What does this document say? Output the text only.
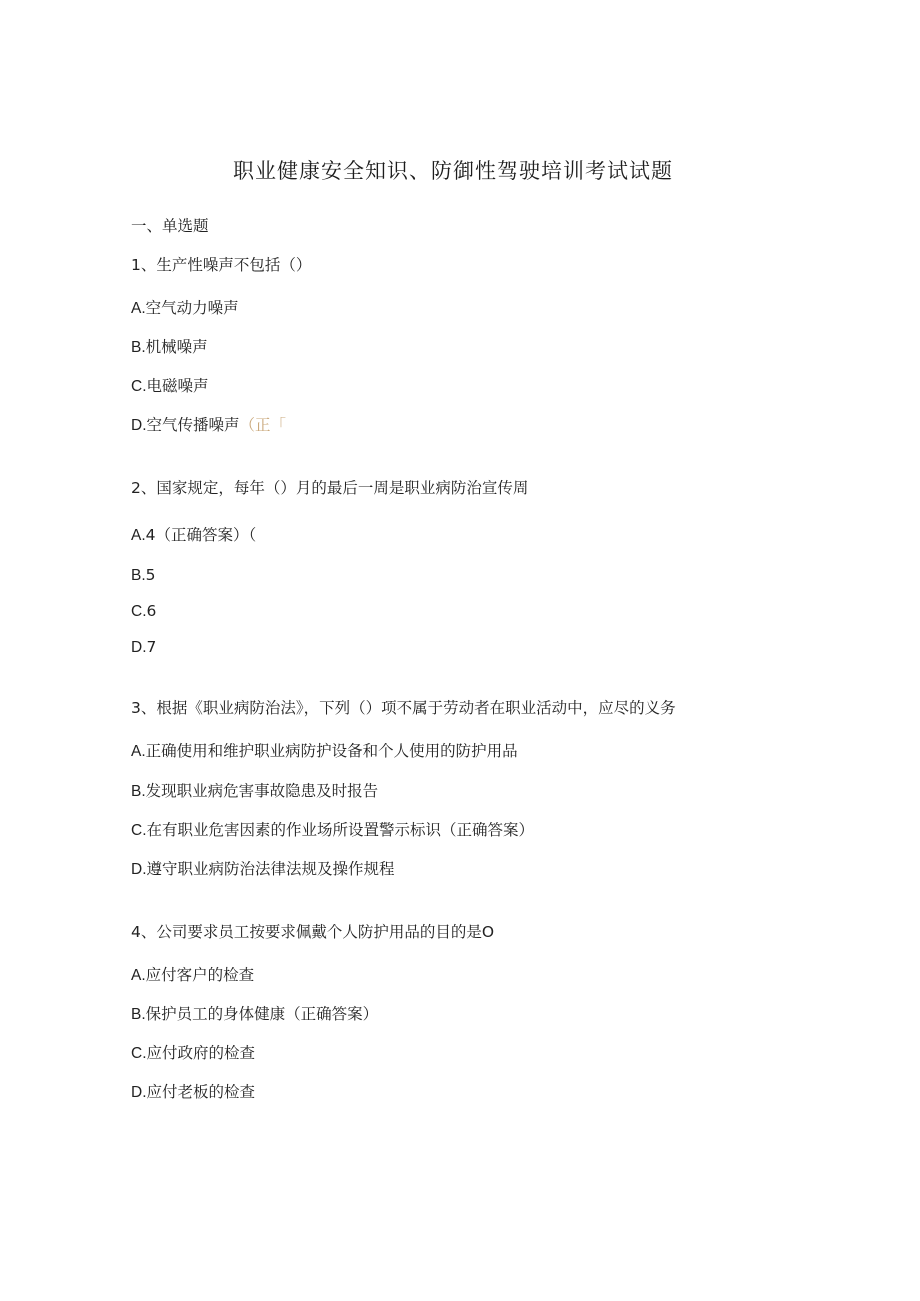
职业健康安全知识、防御性驾驶培训考试试题
一、单选题
1、生产性噪声不包括（）
A.空气动力噪声
B.机械噪声
C.电磁噪声
D.空气传播噪声（正「
2、国家规定，每年（）月的最后一周是职业病防治宣传周
A.4（正确答案）（
B.5
C.6
D.7
3、根据《职业病防治法》，下列（）项不属于劳动者在职业活动中，应尽的义务
A.正确使用和维护职业病防护设备和个人使用的防护用品
B.发现职业病危害事故隐患及时报告
C.在有职业危害因素的作业场所设置警示标识（正确答案）
D.遵守职业病防治法律法规及操作规程
4、公司要求员工按要求佩戴个人防护用品的目的是O
A.应付客户的检查
B.保护员工的身体健康（正确答案）
C.应付政府的检查
D.应付老板的检查
